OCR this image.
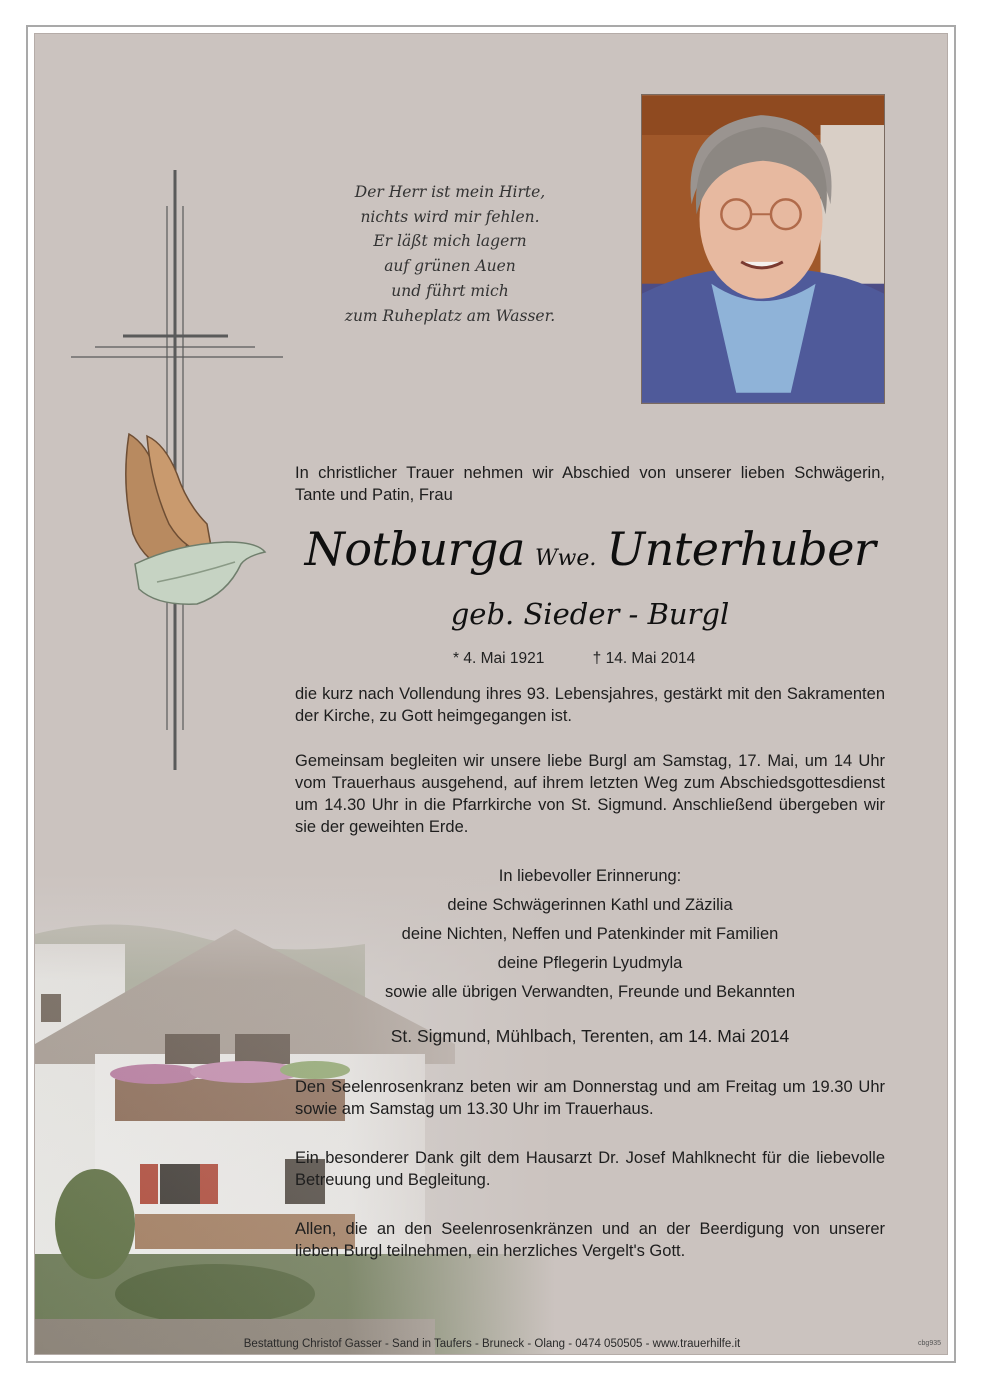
Der Herr ist mein Hirte,
nichts wird mir fehlen.
Er läßt mich lagern
auf grünen Auen
und führt mich
zum Ruheplatz am Wasser.
In christlicher Trauer nehmen wir Abschied von unserer lieben Schwägerin, Tante und Patin, Frau
Notburga Wwe. Unterhuber
geb. Sieder - Burgl
* 4. Mai 1921	† 14. Mai 2014
die kurz nach Vollendung ihres 93. Lebensjahres, gestärkt mit den Sakramenten der Kirche, zu Gott heimgegangen ist.
Gemeinsam begleiten wir unsere liebe Burgl am Samstag, 17. Mai, um 14 Uhr vom Trauerhaus ausgehend, auf ihrem letzten Weg zum Abschiedsgottesdienst um 14.30 Uhr in die Pfarrkirche von St. Sigmund. Anschließend übergeben wir sie der geweihten Erde.
In liebevoller Erinnerung:
deine Schwägerinnen Kathl und Zäzilia
deine Nichten, Neffen und Patenkinder mit Familien
deine Pflegerin Lyudmyla
sowie alle übrigen Verwandten, Freunde und Bekannten
St. Sigmund, Mühlbach, Terenten, am 14. Mai 2014
Den Seelenrosenkranz beten wir am Donnerstag und am Freitag um 19.30 Uhr sowie am Samstag um 13.30 Uhr im Trauerhaus.
Ein besonderer Dank gilt dem Hausarzt Dr. Josef Mahlknecht für die liebevolle Betreuung und Begleitung.
Allen, die an den Seelenrosenkränzen und an der Beerdigung von unserer lieben Burgl teilnehmen, ein herzliches Vergelt's Gott.
Bestattung Christof Gasser - Sand in Taufers - Bruneck - Olang - 0474 050505 - www.trauerhilfe.it	cbg935
